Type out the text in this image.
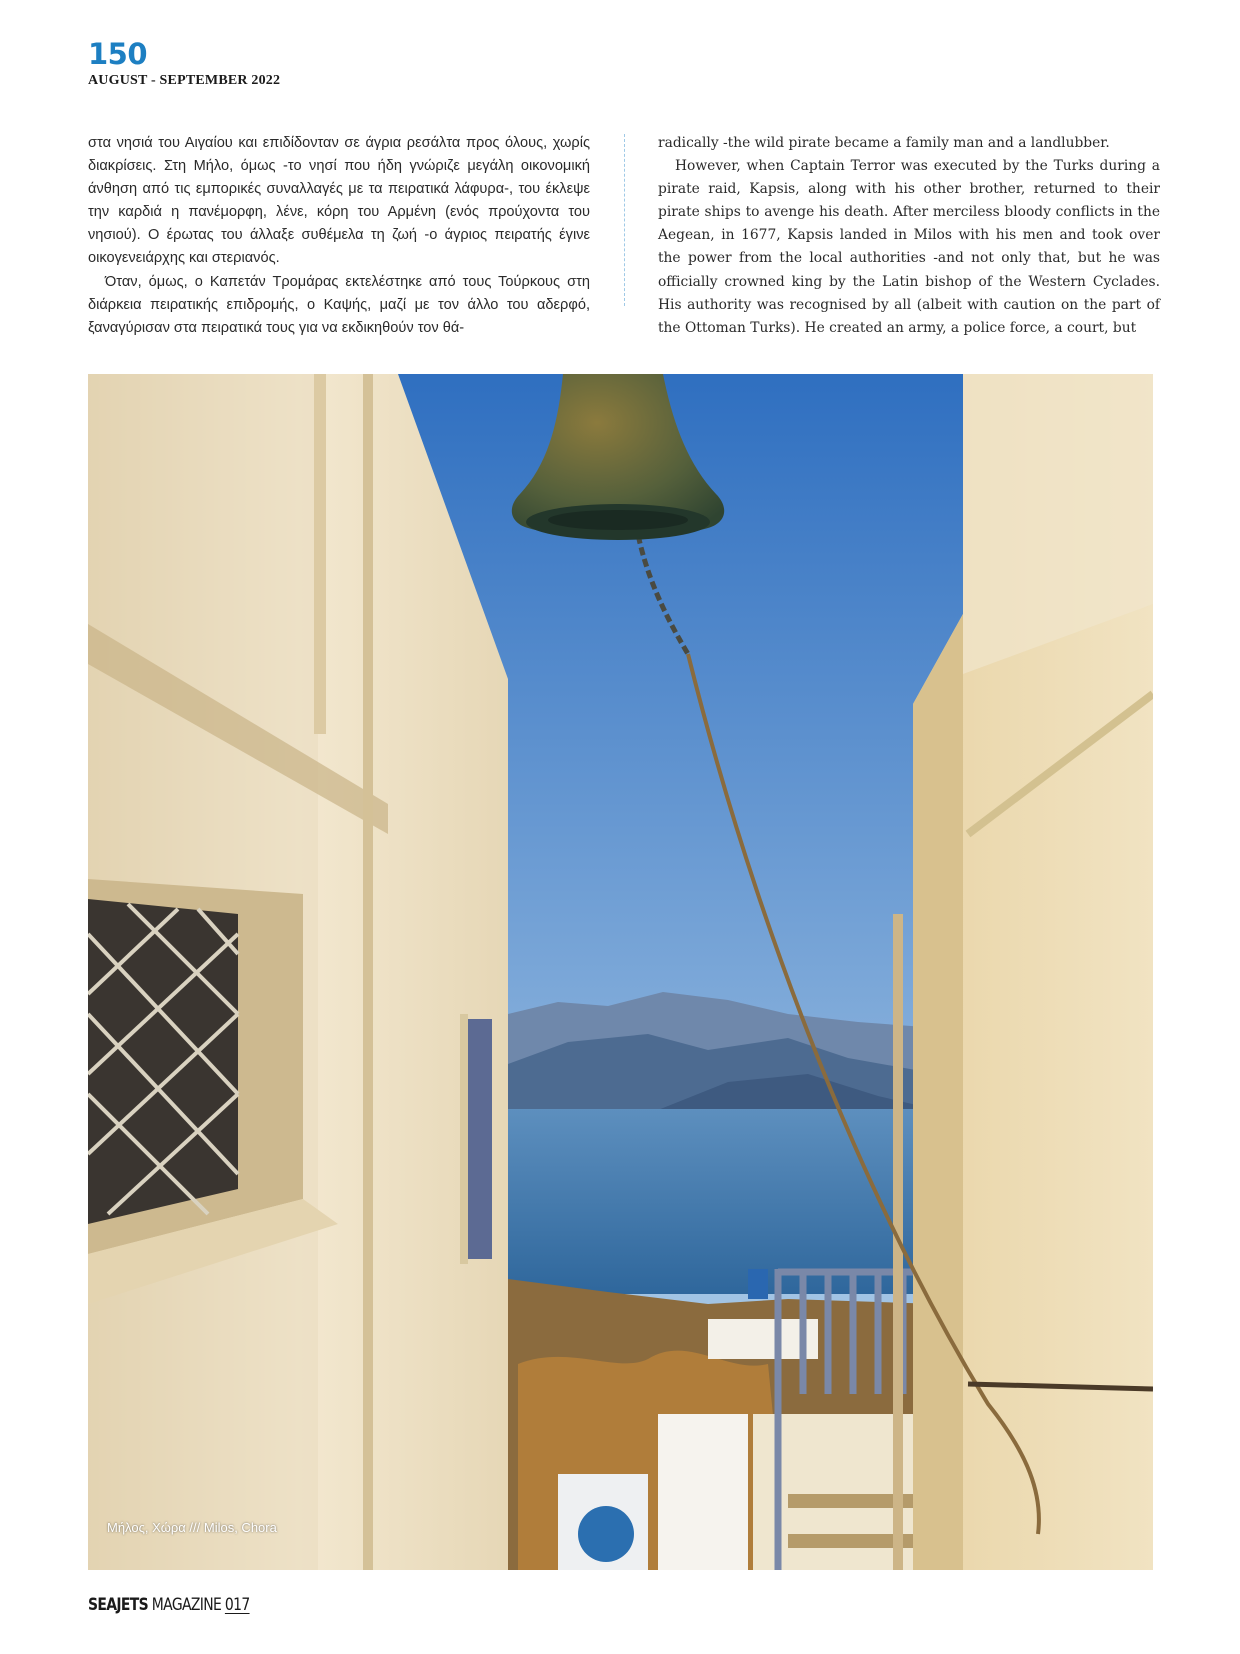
150
AUGUST - SEPTEMBER 2022

στα νησιά του Αιγαίου και επιδίδονταν σε άγρια ρεσάλτα προς όλους, χωρίς διακρίσεις. Στη Μήλο, όμως -το νησί που ήδη γνώριζε μεγάλη οικονομική άνθηση από τις εμπορικές συναλλαγές με τα πειρατικά λάφυρα-, του έκλεψε την καρδιά η πανέμορφη, λένε, κόρη του Αρμένη (ενός προύχοντα του νησιού). Ο έρωτας του άλλαξε συθέμελα τη ζωή -ο άγριος πειρατής έγινε οικογενειάρχης και στεριανός.

Όταν, όμως, ο Καπετάν Τρομάρας εκτελέστηκε από τους Τούρκους στη διάρκεια πειρατικής επιδρομής, ο Καψής, μαζί με τον άλλο του αδερφό, ξαναγύρισαν στα πειρατικά τους για να εκδικηθούν τον θά-

radically -the wild pirate became a family man and a landlubber.

However, when Captain Terror was executed by the Turks during a pirate raid, Kapsis, along with his other brother, returned to their pirate ships to avenge his death. After merciless bloody conflicts in the Aegean, in 1677, Kapsis landed in Milos with his men and took over the power from the local authorities -and not only that, but he was officially crowned king by the Latin bishop of the Western Cyclades. His authority was recognised by all (albeit with caution on the part of the Ottoman Turks). He created an army, a police force, a court, but

Μήλος, Χώρα /// Milos, Chora
SEAJETS MAGAZINE 017
